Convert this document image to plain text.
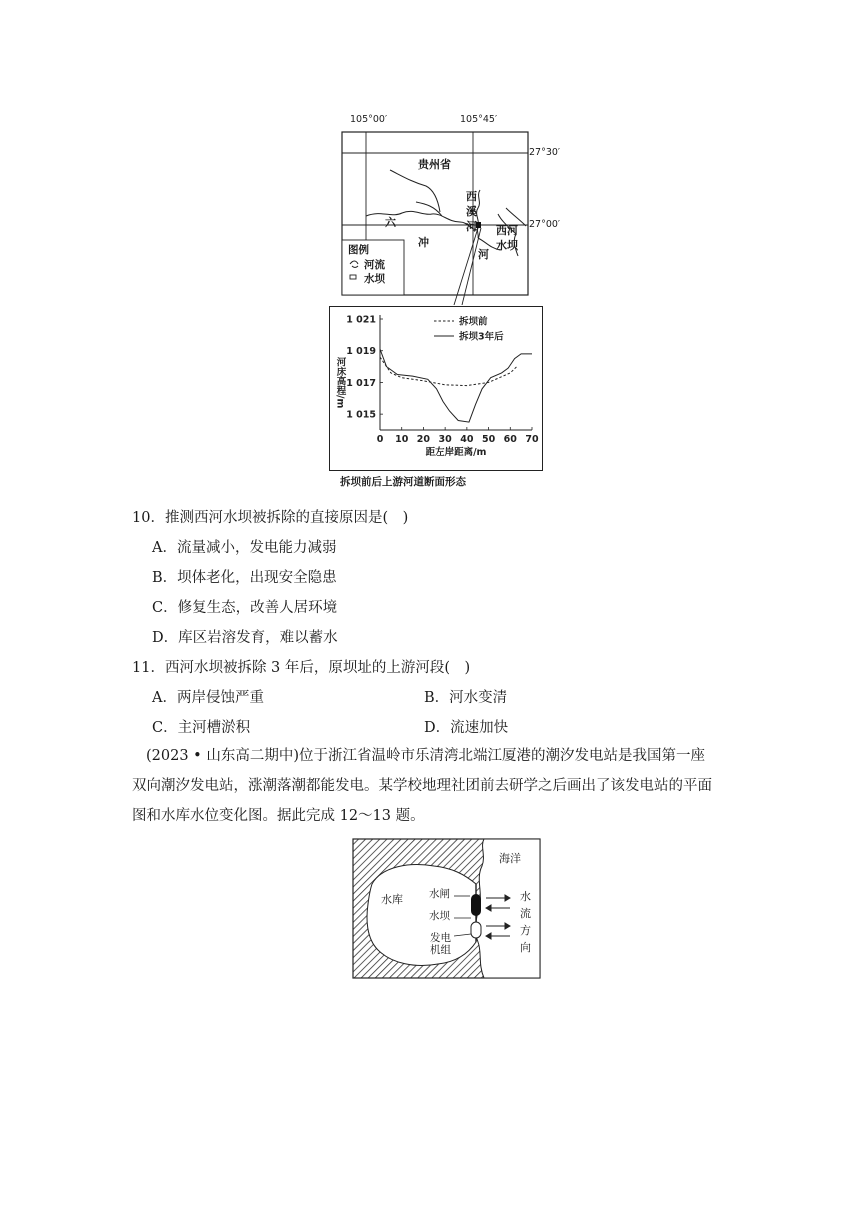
105°00′	105°45′
27°30′
27°00′
贵州省
西
溪
河
六
冲
河
西河
水坝
图例
河流
水坝
0 10 20 30 40 50 60 70
1 021
1 019
1 017
1 015
距左岸距离/m
河床高程/m
拆坝前
拆坝3年后
拆坝前后上游河道断面形态
10．推测西河水坝被拆除的直接原因是(　)
A．流量减小，发电能力减弱
B．坝体老化，出现安全隐患
C．修复生态，改善人居环境
D．库区岩溶发育，难以蓄水
11．西河水坝被拆除 3 年后，原坝址的上游河段(　)
A．两岸侵蚀严重	B．河水变清
C．主河槽淤积	D．流速加快
(2023 • 山东高二期中)位于浙江省温岭市乐清湾北端江厦港的潮汐发电站是我国第一座
双向潮汐发电站，涨潮落潮都能发电。某学校地理社团前去研学之后画出了该发电站的平面
图和水库水位变化图。据此完成 12～13 题。
海洋
水库 水闸
水坝
发电
机组
水
流
方
向
